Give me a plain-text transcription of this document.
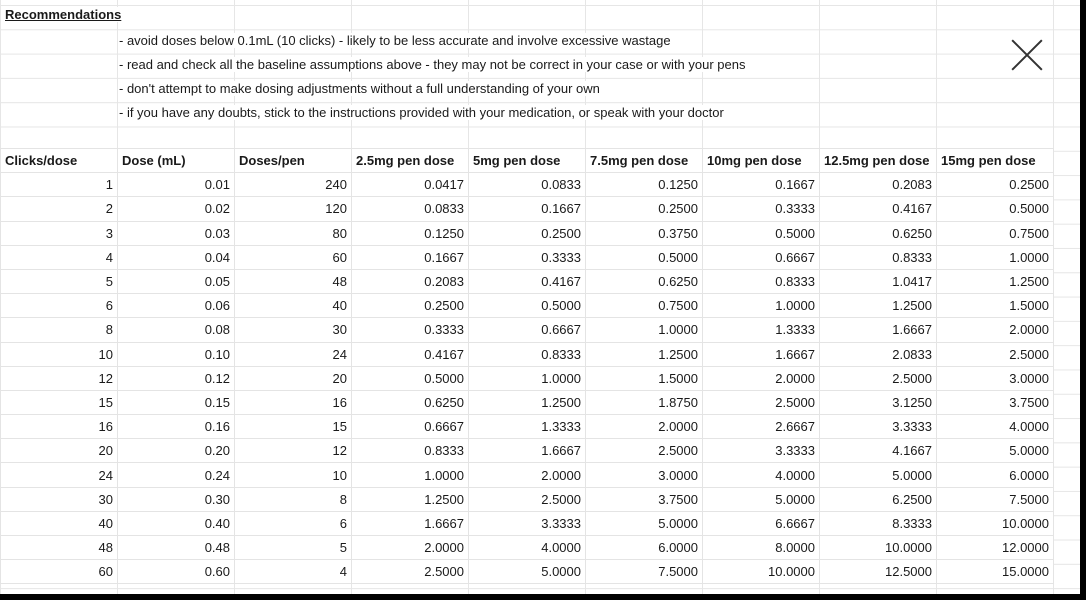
Recommendations
- avoid doses below 0.1mL (10 clicks) - likely to be less accurate and involve excessive wastage
- read and check all the baseline assumptions above - they may not be correct in your case or with your pens
- don't attempt to make dosing adjustments without a full understanding of your own
- if you have any doubts, stick to the instructions provided with your medication, or speak with your doctor
Clicks/dose	Dose (mL)	Doses/pen	2.5mg pen dose	5mg pen dose	7.5mg pen dose	10mg pen dose	12.5mg pen dose	15mg pen dose
1	0.01	240	0.0417	0.0833	0.1250	0.1667	0.2083	0.2500
2	0.02	120	0.0833	0.1667	0.2500	0.3333	0.4167	0.5000
3	0.03	80	0.1250	0.2500	0.3750	0.5000	0.6250	0.7500
4	0.04	60	0.1667	0.3333	0.5000	0.6667	0.8333	1.0000
5	0.05	48	0.2083	0.4167	0.6250	0.8333	1.0417	1.2500
6	0.06	40	0.2500	0.5000	0.7500	1.0000	1.2500	1.5000
8	0.08	30	0.3333	0.6667	1.0000	1.3333	1.6667	2.0000
10	0.10	24	0.4167	0.8333	1.2500	1.6667	2.0833	2.5000
12	0.12	20	0.5000	1.0000	1.5000	2.0000	2.5000	3.0000
15	0.15	16	0.6250	1.2500	1.8750	2.5000	3.1250	3.7500
16	0.16	15	0.6667	1.3333	2.0000	2.6667	3.3333	4.0000
20	0.20	12	0.8333	1.6667	2.5000	3.3333	4.1667	5.0000
24	0.24	10	1.0000	2.0000	3.0000	4.0000	5.0000	6.0000
30	0.30	8	1.2500	2.5000	3.7500	5.0000	6.2500	7.5000
40	0.40	6	1.6667	3.3333	5.0000	6.6667	8.3333	10.0000
48	0.48	5	2.0000	4.0000	6.0000	8.0000	10.0000	12.0000
60	0.60	4	2.5000	5.0000	7.5000	10.0000	12.5000	15.0000
